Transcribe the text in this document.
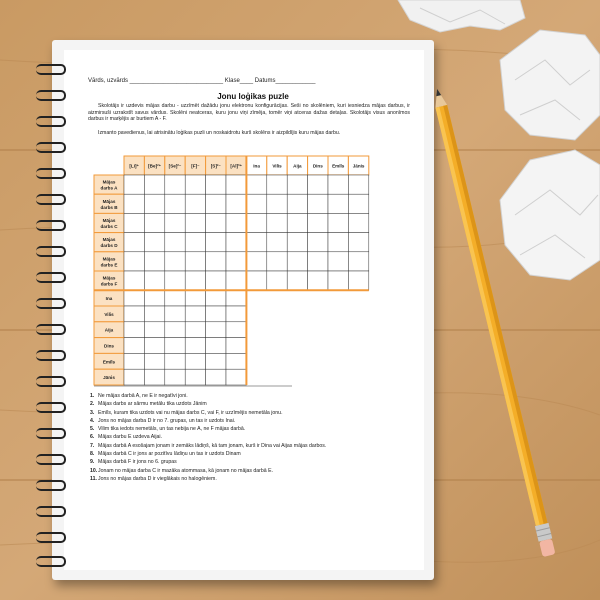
Vārds, uzvārds ____________________________ Klase____ Datums____________
Jonu loģikas puzle
Skolotājs ir uzdevis mājas darbu - uzzīmēt dažādu jonu elektronu konfigurācijas. Seši no skolēniem, kuri iesniedza mājas darbus, ir aizmirsuši uzrakstīt savus vārdus. Skolēni neatceras, kuru jonu viņi zīmēja, tomēr viņi atceras dažas detaļas. Skolotājs visus anonīmos darbus ir marķējis ar burtiem A - F.
Izmanto pavedienus, lai atrisinātu loģikas puzli un noskaidrotu kurš skolēns ir aizpildījis kuru mājas darbu.
[Li]⁺ [Be]²⁺ [Se]²⁻ [F]⁻ [S]²⁻ [Al]³⁺ Ina	Vilis Aija Dins Emīls Jānis
Mājas
darbs A
Mājas
darbs B
Mājas
darbs C
Mājas
darbs D
Mājas
darbs E
Mājas
darbs F
Ina
Vilis
Aija
Dins
Emīls
Jānis
1. Ne mājas darbā A, ne E ir negatīvi joni.
2. Mājas darbs ar sārmu metālu tika uzdots Jānim
3. Emīls, kuram tika uzdots vai nu mājas darbs C, vai F, ir uzzīmējis nemetāla jonu.
4. Jons no mājas darba D ir no 7. grupas, un tas ir uzdots Inai.
5. Vilim tika iedots nemetāls, un tas nebija ne A, ne F mājas darbā.
6. Mājas darbu E uzdeva Aijai.
7. Mājas darbā A esošajam jonam ir zemāks lādiņš, kā tam jonam, kurš ir Dina vai Aijas mājas darbos.
8. Mājas darbā C ir jons ar pozitīvu lādiņu un tas ir uzdots Dinam
9. Mājas darbā F ir jons no 6. grupas
10.Jonam no mājas darba C ir mazāka atommasa, kā jonam no mājas darbā E.
11.Jons no mājas darba D ir vieglākais no halogēniem.
